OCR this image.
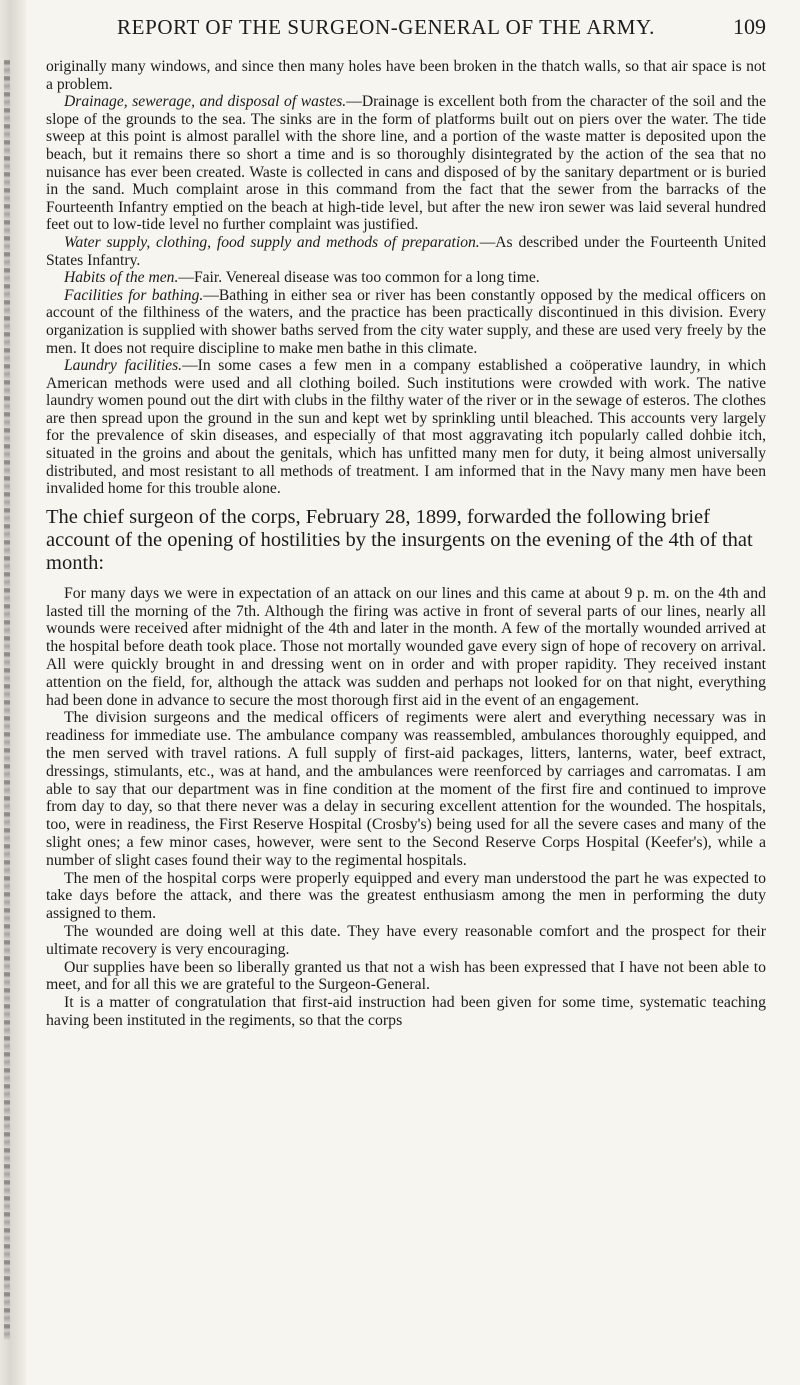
REPORT OF THE SURGEON-GENERAL OF THE ARMY.	109

originally many windows, and since then many holes have been broken in the thatch walls, so that air space is not a problem.

Drainage, sewerage, and disposal of wastes.—Drainage is excellent both from the character of the soil and the slope of the grounds to the sea. The sinks are in the form of platforms built out on piers over the water. The tide sweep at this point is almost parallel with the shore line, and a portion of the waste matter is deposited upon the beach, but it remains there so short a time and is so thoroughly disintegrated by the action of the sea that no nuisance has ever been created. Waste is collected in cans and disposed of by the sanitary department or is buried in the sand. Much complaint arose in this command from the fact that the sewer from the barracks of the Fourteenth Infantry emptied on the beach at high-tide level, but after the new iron sewer was laid several hundred feet out to low-tide level no further complaint was justified.

Water supply, clothing, food supply and methods of preparation.—As described under the Fourteenth United States Infantry.

Habits of the men.—Fair. Venereal disease was too common for a long time.

Facilities for bathing.—Bathing in either sea or river has been constantly opposed by the medical officers on account of the filthiness of the waters, and the practice has been practically discontinued in this division. Every organization is supplied with shower baths served from the city water supply, and these are used very freely by the men. It does not require discipline to make men bathe in this climate.

Laundry facilities.—In some cases a few men in a company established a coöperative laundry, in which American methods were used and all clothing boiled. Such institutions were crowded with work. The native laundry women pound out the dirt with clubs in the filthy water of the river or in the sewage of esteros. The clothes are then spread upon the ground in the sun and kept wet by sprinkling until bleached. This accounts very largely for the prevalence of skin diseases, and especially of that most aggravating itch popularly called dohbie itch, situated in the groins and about the genitals, which has unfitted many men for duty, it being almost universally distributed, and most resistant to all methods of treatment. I am informed that in the Navy many men have been invalided home for this trouble alone.

The chief surgeon of the corps, February 28, 1899, forwarded the following brief account of the opening of hostilities by the insurgents on the evening of the 4th of that month:

For many days we were in expectation of an attack on our lines and this came at about 9 p. m. on the 4th and lasted till the morning of the 7th. Although the firing was active in front of several parts of our lines, nearly all wounds were received after midnight of the 4th and later in the month. A few of the mortally wounded arrived at the hospital before death took place. Those not mortally wounded gave every sign of hope of recovery on arrival. All were quickly brought in and dressing went on in order and with proper rapidity. They received instant attention on the field, for, although the attack was sudden and perhaps not looked for on that night, everything had been done in advance to secure the most thorough first aid in the event of an engagement.

The division surgeons and the medical officers of regiments were alert and everything necessary was in readiness for immediate use. The ambulance company was reassembled, ambulances thoroughly equipped, and the men served with travel rations. A full supply of first-aid packages, litters, lanterns, water, beef extract, dressings, stimulants, etc., was at hand, and the ambulances were reenforced by carriages and carromatas. I am able to say that our department was in fine condition at the moment of the first fire and continued to improve from day to day, so that there never was a delay in securing excellent attention for the wounded. The hospitals, too, were in readiness, the First Reserve Hospital (Crosby's) being used for all the severe cases and many of the slight ones; a few minor cases, however, were sent to the Second Reserve Corps Hospital (Keefer's), while a number of slight cases found their way to the regimental hospitals.

The men of the hospital corps were properly equipped and every man understood the part he was expected to take days before the attack, and there was the greatest enthusiasm among the men in performing the duty assigned to them.

The wounded are doing well at this date. They have every reasonable comfort and the prospect for their ultimate recovery is very encouraging.

Our supplies have been so liberally granted us that not a wish has been expressed that I have not been able to meet, and for all this we are grateful to the Surgeon-General.

It is a matter of congratulation that first-aid instruction had been given for some time, systematic teaching having been instituted in the regiments, so that the corps
